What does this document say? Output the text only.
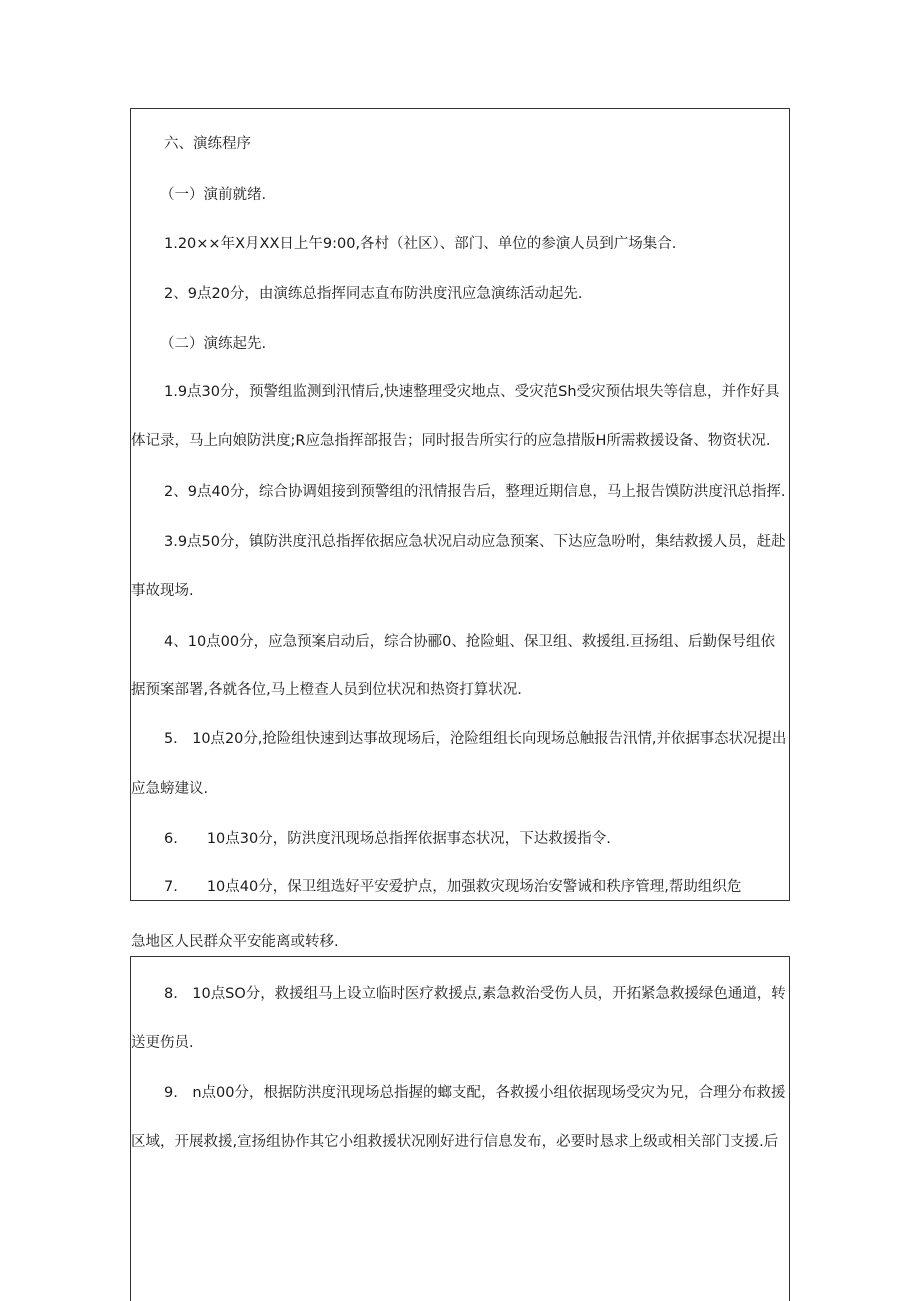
六、演练程序
（一）演前就绪.
1.20××年X月XX日上午9:00,各村（社区）、部门、单位的参演人员到广场集合.
2、9点20分，由演练总指挥同志直布防洪度汛应急演练活动起先.
（二）演练起先.
1.9点30分，预警组监测到汛情后,快速整理受灾地点、受灾范Sh受灾预估垠失等信息，并作好具
体记录，马上向娘防洪度;R应急指挥部报告；同时报告所实行的应急措版H所需救援设备、物资状况.
2、9点40分，综合协调姐接到预警组的汛情报告后，整理近期信息，马上报告馍防洪度汛总指挥.
3.9点50分，镇防洪度汛总指挥依据应急状况启动应急预案、下达应急吩咐，集结救援人员，赶赴
事故现场.
4、10点00分，应急预案启动后，综合协郦0、抢险蛆、保卫组、救援组.亘扬组、后勤保号组依
据预案部署,各就各位,马上橙查人员到位状况和热资打算状况.
5.　10点20分,抢险组快速到达事故现场后，沧险组组长向现场总触报告汛情,并依据事态状况提出
应急螃建议.
6.　　10点30分，防洪度汛现场总指挥依据事态状况，下达救援指令.
7.　　10点40分，保卫组选好平安爱护点，加强救灾现场治安警诫和秩序管理,帮助组织危
急地区人民群众平安能离或转移.
8.　10点SO分，救援组马上设立临时医疗救援点,素急救治受伤人员，开拓紧急救援绿色通道，转
送更伤员.
9.　n点00分，根据防洪度汛现场总指握的螂支配，各救援小组依据现场受灾为兄，合理分布救援
区域，开展救援,宣扬组协作其它小组救援状况刚好进行信息发布，必要时恳求上级或相关部门支援.后
